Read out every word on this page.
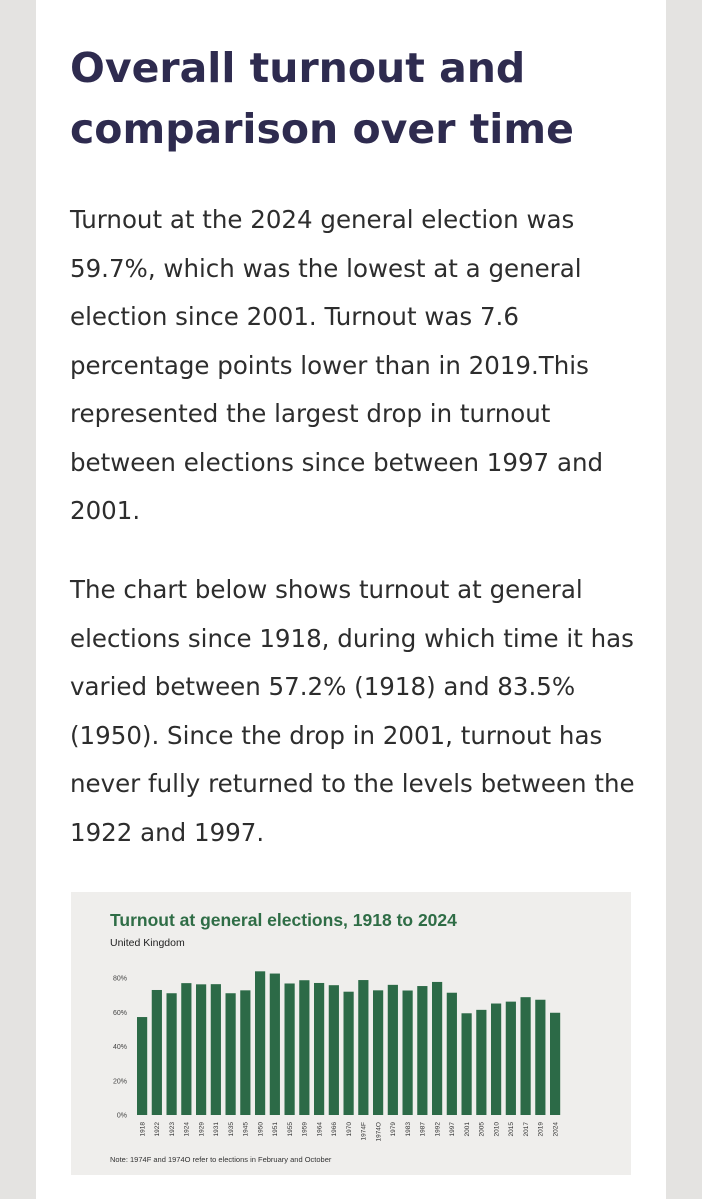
Overall turnout and comparison over time

Turnout at the 2024 general election was 59.7%, which was the lowest at a general election since 2001. Turnout was 7.6 percentage points lower than in 2019.This represented the largest drop in turnout between elections since between 1997 and 2001.

The chart below shows turnout at general elections since 1918, during which time it has varied between 57.2% (1918) and 83.5% (1950). Since the drop in 2001, turnout has never fully returned to the levels between the 1922 and 1997.

Turnout at general elections, 1918 to 2024
United Kingdom
0%
20%
40%
60%
80%
1918 1922 1923 1924 1929 1931 1935 1945 1950 1951 1955 1959 1964 1966 1970 1974F 1974O 1979 1983 1987 1992 1997 2001 2005 2010 2015 2017 2019 2024
Note: 1974F and 1974O refer to elections in February and October
